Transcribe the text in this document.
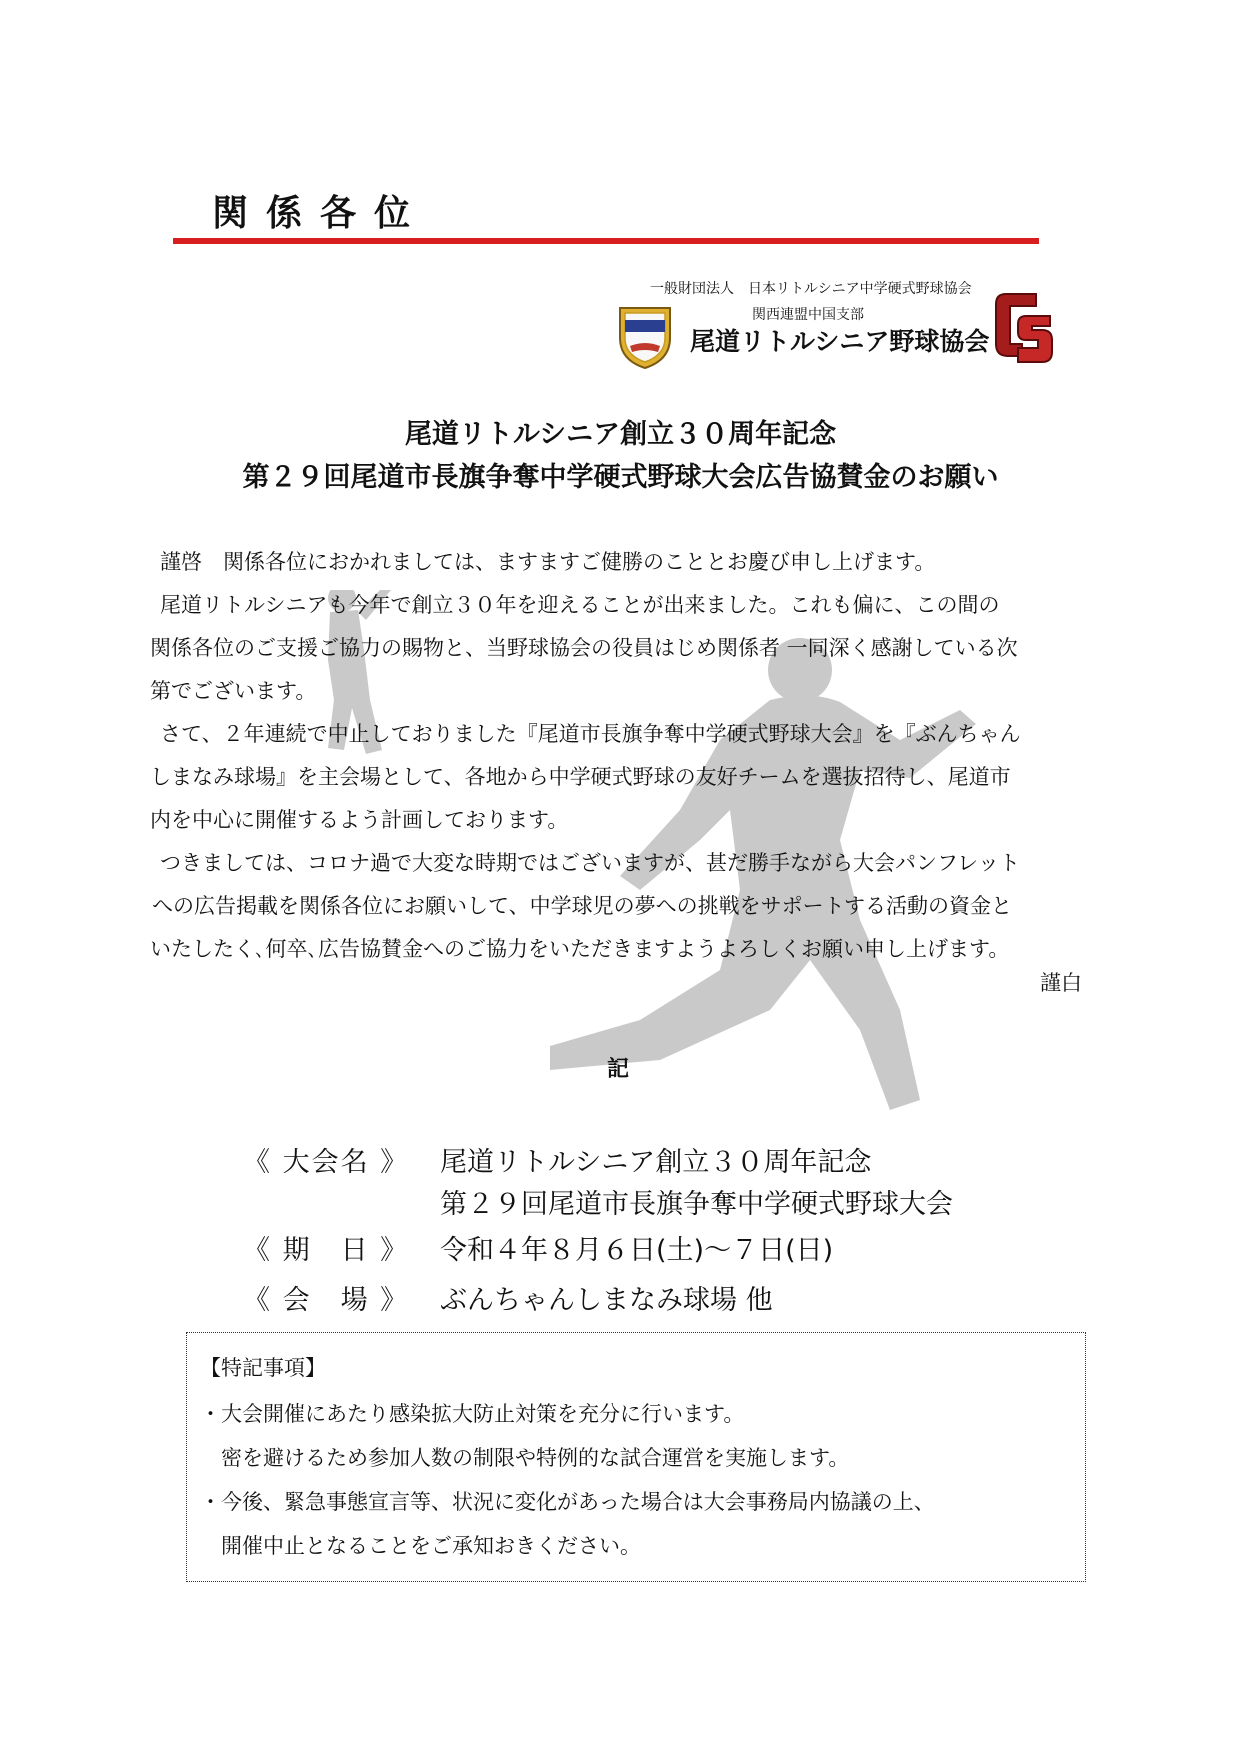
関係各位
一般財団法人　日本リトルシニア中学硬式野球協会
関西連盟中国支部
尾道リトルシニア野球協会
尾道リトルシニア創立３０周年記念
第２９回尾道市長旗争奪中学硬式野球大会広告協賛金のお願い
謹啓　関係各位におかれましては、ますますご健勝のこととお慶び申し上げます。
尾道リトルシニアも今年で創立３０年を迎えることが出来ました。これも偏に、この間の
関係各位のご支援ご協力の賜物と、当野球協会の役員はじめ関係者 一同深く感謝している次
第でございます。
さて、２年連続で中止しておりました『尾道市長旗争奪中学硬式野球大会』を『ぶんちゃん
しまなみ球場』を主会場として、各地から中学硬式野球の友好チームを選抜招待し、尾道市
内を中心に開催するよう計画しております。
つきましては、コロナ過で大変な時期ではございますが、甚だ勝手ながら大会パンフレット
への広告掲載を関係各位にお願いして、中学球児の夢への挑戦をサポートする活動の資金と
いたしたく､何卒､広告協賛金へのご協力をいただきますようよろしくお願い申し上げます。
謹白
記
《 大会名 》 尾道リトルシニア創立３０周年記念
第２９回尾道市長旗争奪中学硬式野球大会
《 期　日 》 令和４年８月６日(土)～７日(日)
《 会　場 》 ぶんちゃんしまなみ球場 他
【特記事項】
・大会開催にあたり感染拡大防止対策を充分に行います。
　密を避けるため参加人数の制限や特例的な試合運営を実施します。
・今後、緊急事態宣言等、状況に変化があった場合は大会事務局内協議の上、
　開催中止となることをご承知おきください。
